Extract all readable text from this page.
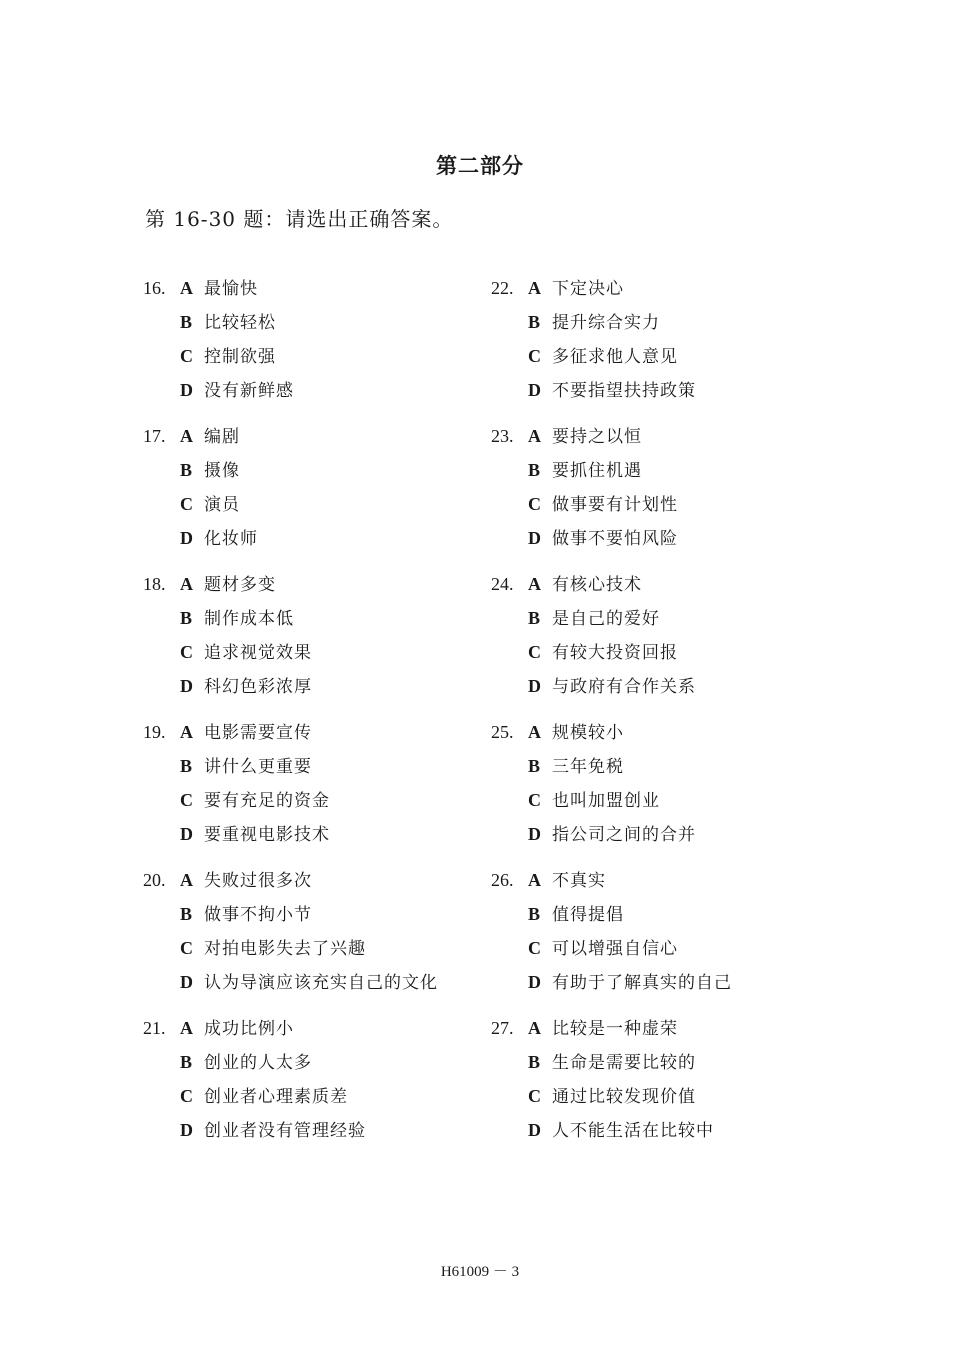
第二部分
第 16-30 题：请选出正确答案。
16. A 最愉快
B 比较轻松
C 控制欲强
D 没有新鲜感
17. A 编剧
B 摄像
C 演员
D 化妆师
18. A 题材多变
B 制作成本低
C 追求视觉效果
D 科幻色彩浓厚
19. A 电影需要宣传
B 讲什么更重要
C 要有充足的资金
D 要重视电影技术
20. A 失败过很多次
B 做事不拘小节
C 对拍电影失去了兴趣
D 认为导演应该充实自己的文化
21. A 成功比例小
B 创业的人太多
C 创业者心理素质差
D 创业者没有管理经验
22. A 下定决心
B 提升综合实力
C 多征求他人意见
D 不要指望扶持政策
23. A 要持之以恒
B 要抓住机遇
C 做事要有计划性
D 做事不要怕风险
24. A 有核心技术
B 是自己的爱好
C 有较大投资回报
D 与政府有合作关系
25. A 规模较小
B 三年免税
C 也叫加盟创业
D 指公司之间的合并
26. A 不真实
B 值得提倡
C 可以增强自信心
D 有助于了解真实的自己
27. A 比较是一种虚荣
B 生命是需要比较的
C 通过比较发现价值
D 人不能生活在比较中
H61009 － 3
